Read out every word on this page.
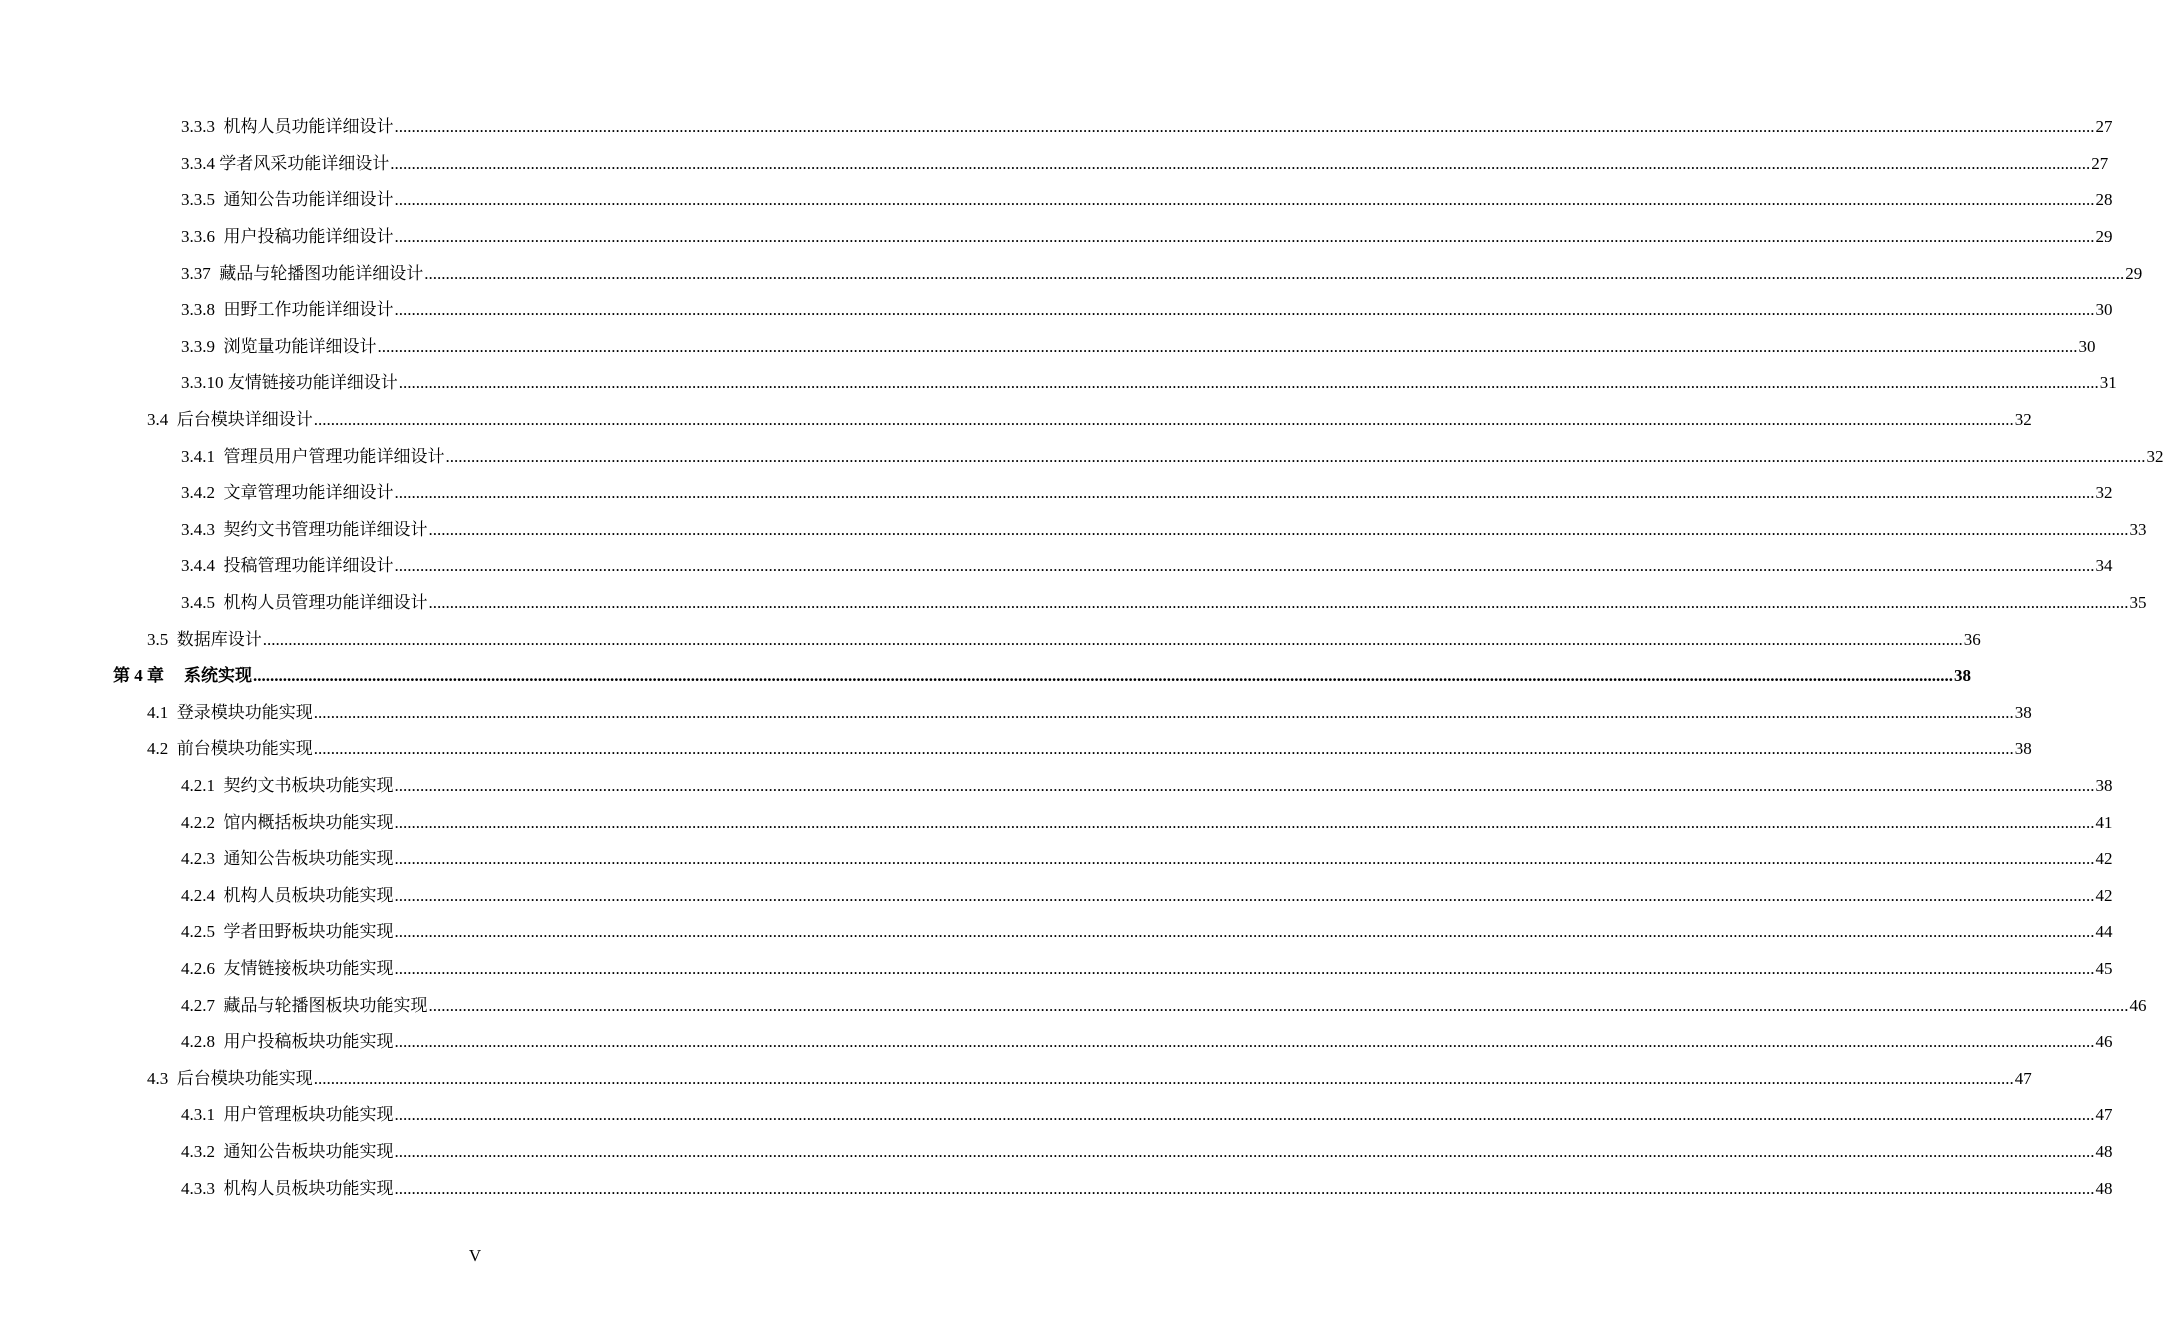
3.3.3
机构人员功能详细设计 ................................................................................................................................................................................................................................................................................................................................................................................................................ 27
3.3.4
学者风采功能详细设计 ................................................................................................................................................................................................................................................................................................................................................................................................................ 27
3.3.5
通知公告功能详细设计 ................................................................................................................................................................................................................................................................................................................................................................................................................ 28
3.3.6
用户投稿功能详细设计 ................................................................................................................................................................................................................................................................................................................................................................................................................ 29
3.37
藏品与轮播图功能详细设计 ................................................................................................................................................................................................................................................................................................................................................................................................................ 29
3.3.8
田野工作功能详细设计 ................................................................................................................................................................................................................................................................................................................................................................................................................ 30
3.3.9
浏览量功能详细设计 ................................................................................................................................................................................................................................................................................................................................................................................................................ 30
3.3.10
友情链接功能详细设计 ................................................................................................................................................................................................................................................................................................................................................................................................................ 31
3.4
后台模块详细设计 ................................................................................................................................................................................................................................................................................................................................................................................................................ 32
3.4.1
管理员用户管理功能详细设计 ................................................................................................................................................................................................................................................................................................................................................................................................................ 32
3.4.2
文章管理功能详细设计 ................................................................................................................................................................................................................................................................................................................................................................................................................ 32
3.4.3
契约文书管理功能详细设计 ................................................................................................................................................................................................................................................................................................................................................................................................................ 33
3.4.4
投稿管理功能详细设计 ................................................................................................................................................................................................................................................................................................................................................................................................................ 34
3.4.5
机构人员管理功能详细设计 ................................................................................................................................................................................................................................................................................................................................................................................................................ 35
3.5
数据库设计 ................................................................................................................................................................................................................................................................................................................................................................................................................ 36
第 4 章 系统实现 ................................................................................................................................................................................................................................................................................................................................................................................................................ 38
4.1
登录模块功能实现 ................................................................................................................................................................................................................................................................................................................................................................................................................ 38
4.2
前台模块功能实现 ................................................................................................................................................................................................................................................................................................................................................................................................................ 38
4.2.1
契约文书板块功能实现 ................................................................................................................................................................................................................................................................................................................................................................................................................ 38
4.2.2
馆内概括板块功能实现 ................................................................................................................................................................................................................................................................................................................................................................................................................ 41
4.2.3
通知公告板块功能实现 ................................................................................................................................................................................................................................................................................................................................................................................................................ 42
4.2.4
机构人员板块功能实现 ................................................................................................................................................................................................................................................................................................................................................................................................................ 42
4.2.5
学者田野板块功能实现 ................................................................................................................................................................................................................................................................................................................................................................................................................ 44
4.2.6
友情链接板块功能实现 ................................................................................................................................................................................................................................................................................................................................................................................................................ 45
4.2.7
藏品与轮播图板块功能实现 ................................................................................................................................................................................................................................................................................................................................................................................................................ 46
4.2.8
用户投稿板块功能实现 ................................................................................................................................................................................................................................................................................................................................................................................................................ 46
4.3
后台模块功能实现 ................................................................................................................................................................................................................................................................................................................................................................................................................ 47
4.3.1
用户管理板块功能实现 ................................................................................................................................................................................................................................................................................................................................................................................................................ 47
4.3.2
通知公告板块功能实现 ................................................................................................................................................................................................................................................................................................................................................................................................................ 48
4.3.3
机构人员板块功能实现 ................................................................................................................................................................................................................................................................................................................................................................................................................ 48
V
